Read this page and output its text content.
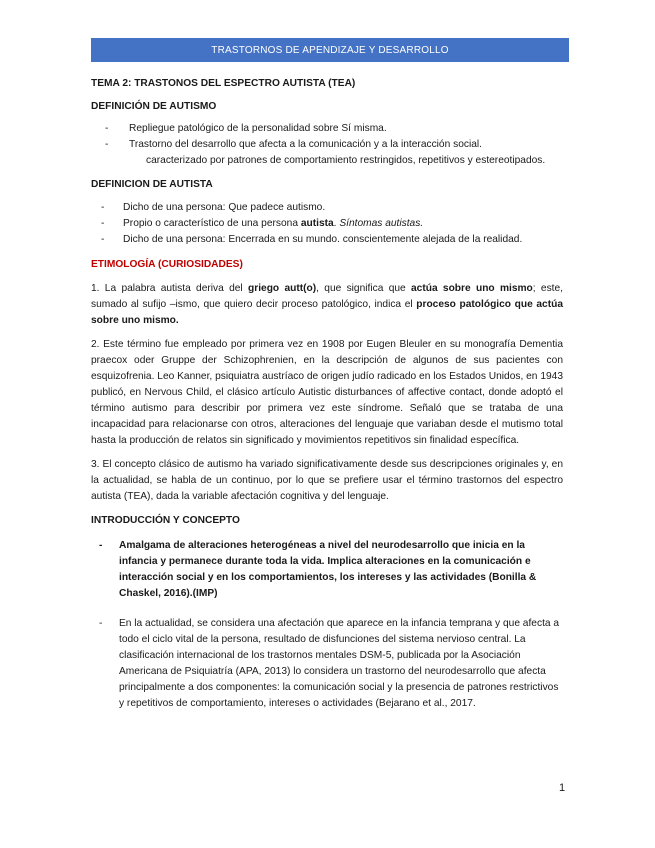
TRASTORNOS DE APENDIZAJE Y DESARROLLO

TEMA 2: TRASTONOS DEL ESPECTRO AUTISTA (TEA)

DEFINICIÓN DE AUTISMO

- Repliegue patológico de la personalidad sobre Sí misma.
- Trastorno del desarrollo que afecta a la comunicación y a la interacción social.
caracterizado por patrones de comportamiento restringidos, repetitivos y estereotipados.

DEFINICION DE AUTISTA

- Dicho de una persona: Que padece autismo.
- Propio o característico de una persona autista. Síntomas autistas.
- Dicho de una persona: Encerrada en su mundo. conscientemente alejada de la realidad.

ETIMOLOGÍA (CURIOSIDADES)

1. La palabra autista deriva del griego autt(o), que significa que actúa sobre uno mismo; este, sumado al sufijo –ismo, que quiero decir proceso patológico, indica el proceso patológico que actúa sobre uno mismo.

2. Este término fue empleado por primera vez en 1908 por Eugen Bleuler en su monografía Dementia praecox oder Gruppe der Schizophrenien, en la descripción de algunos de sus pacientes con esquizofrenia. Leo Kanner, psiquiatra austríaco de origen judío radicado en los Estados Unidos, en 1943 publicó, en Nervous Child, el clásico artículo Autistic disturbances of affective contact, donde adoptó el término autismo para describir por primera vez este síndrome. Señaló que se trataba de una incapacidad para relacionarse con otros, alteraciones del lenguaje que variaban desde el mutismo total hasta la producción de relatos sin significado y movimientos repetitivos sin finalidad específica.

3. El concepto clásico de autismo ha variado significativamente desde sus descripciones originales y, en la actualidad, se habla de un continuo, por lo que se prefiere usar el término trastornos del espectro autista (TEA), dada la variable afectación cognitiva y del lenguaje.

INTRODUCCIÓN Y CONCEPTO

- Amalgama de alteraciones heterogéneas a nivel del neurodesarrollo que inicia en la infancia y permanece durante toda la vida. Implica alteraciones en la comunicación e interacción social y en los comportamientos, los intereses y las actividades (Bonilla & Chaskel, 2016).(IMP)
- En la actualidad, se considera una afectación que aparece en la infancia temprana y que afecta a todo el ciclo vital de la persona, resultado de disfunciones del sistema nervioso central. La clasificación internacional de los trastornos mentales DSM-5, publicada por la Asociación Americana de Psiquiatría (APA, 2013) lo considera un trastorno del neurodesarrollo que afecta principalmente a dos componentes: la comunicación social y la presencia de patrones restrictivos y repetitivos de comportamiento, intereses o actividades (Bejarano et al., 2017.
1
